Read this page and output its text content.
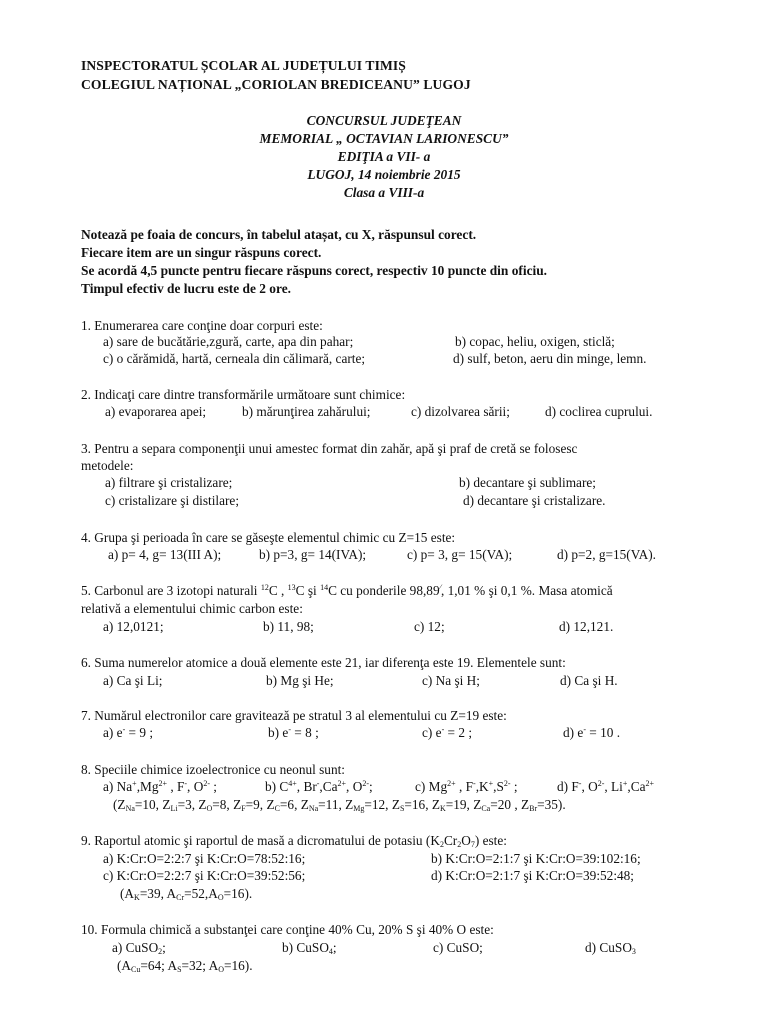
INSPECTORATUL ȘCOLAR AL JUDEȚULUI TIMIȘ
COLEGIUL NAȚIONAL „CORIOLAN BREDICEANU” LUGOJ
CONCURSUL JUDEŢEAN
MEMORIAL „ OCTAVIAN LARIONESCU”
EDIŢIA a VII- a
LUGOJ, 14 noiembrie 2015
Clasa a VIII-a
Notează pe foaia de concurs, în tabelul atașat, cu X, răspunsul corect.
Fiecare item are un singur răspuns corect.
Se acordă 4,5 puncte pentru fiecare răspuns corect, respectiv 10 puncte din oficiu.
Timpul efectiv de lucru este de 2 ore.
1. Enumerarea care conţine doar corpuri este:
a) sare de bucătărie,zgură, carte, apa din pahar;	b) copac, heliu, oxigen, sticlă;
c) o cărămidă, hartă, cerneala din călimară, carte;	d) sulf, beton, aeru din minge, lemn.
2. Indicaţi care dintre transformările următoare sunt chimice:
a) evaporarea apei;	b) mărunţirea zahărului;	c) dizolvarea sării;	d) coclirea cuprului.
3. Pentru a separa componenţii unui amestec format din zahăr, apă şi praf de cretă se folosesc
metodele:
a) filtrare şi cristalizare;	b) decantare şi sublimare;
c) cristalizare şi distilare;	d) decantare şi cristalizare.
4. Grupa şi perioada în care se găseşte elementul chimic cu Z=15 este:
a) p= 4, g= 13(III A);	b) p=3, g= 14(IVA);	c) p= 3, g= 15(VA);	d) p=2, g=15(VA).
5. Carbonul are 3 izotopi naturali $^{12}$C , $^{13}$C şi $^{14}$C cu ponderile 98,89⁄, 1,01 % şi 0,1 %. Masa atomică
relativă a elementului chimic carbon este:
a) 12,0121;	b) 11, 98;	c) 12;	d) 12,121.
6. Suma numerelor atomice a două elemente este 21, iar diferenţa este 19. Elementele sunt:
a) Ca şi Li;	b) Mg şi He;	c) Na şi H;	d) Ca şi H.
7. Numărul electronilor care gravitează pe stratul 3 al elementului cu Z=19 este:
a) e- = 9 ;	b) e- = 8 ;	c) e- = 2 ;	d) e- = 10 .
8. Speciile chimice izoelectronice cu neonul sunt:
a) $Na^+,Mg^{2+}$ , F-, $O^{2-}$ ;	b) $C^{4+}$, $Br^-,Ca^{2+}$, $O^{2-}$;	c) $Mg^{2+}$ , $F^-,K^+,S^{2-}$ ;	d) F-, $O^{2-}$, $Li^+,Ca^{2+}$
($Z_{Na}=10$, $Z_{Li}=3$, $Z_O=8$, $Z_F=9$, $Z_C=6$, $Z_{Na}=11$, $Z_{Mg}=12$, $Z_S=16$, $Z_K=19$, $Z_{Ca}=20$ , $Z_{Br}=35$).
9. Raportul atomic şi raportul de masă a dicromatului de potasiu $(K_2Cr_2O_7)$ este:
a) K:Cr:O=2:2:7 şi K:Cr:O=78:52:16;	b) K:Cr:O=2:1:7 şi K:Cr:O=39:102:16;
c) K:Cr:O=2:2:7 şi K:Cr:O=39:52:56;	d) K:Cr:O=2:1:7 şi K:Cr:O=39:52:48;
($A_K=39$, $A_{Cr}=52,A_O=16$).
10. Formula chimică a substanţei care conţine 40% Cu, 20% S şi 40% O este:
a) CuSO$_2$;	b) CuSO$_4$;	c) CuSO;	d) CuSO$_3$
($A_{Cu}=64$; $A_S=32$; $A_O=16$).
